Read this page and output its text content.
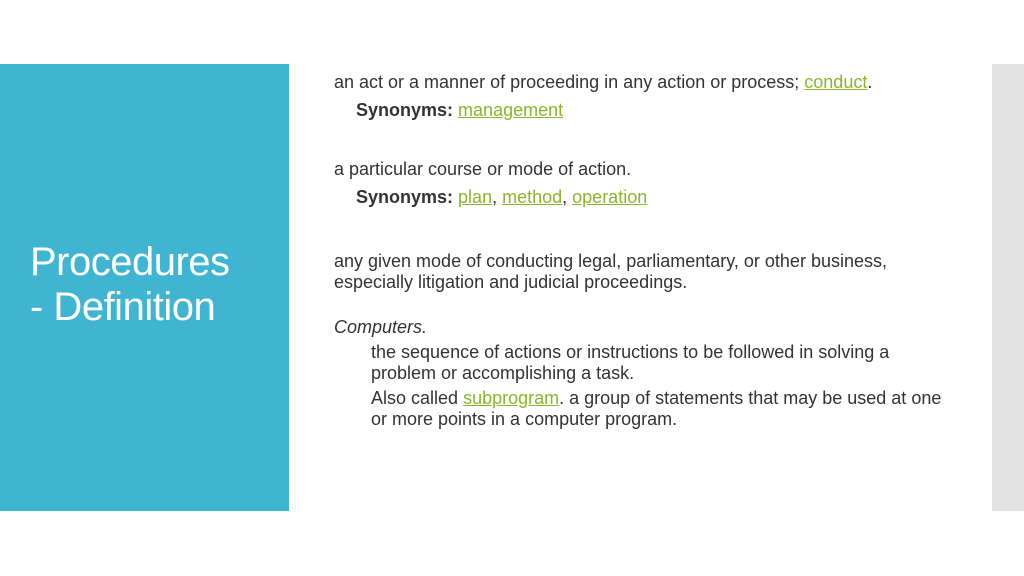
Procedures
- Definition

an act or a manner of proceeding in any action or process; conduct.

Synonyms: management

a particular course or mode of action.

Synonyms: plan, method, operation

any given mode of conducting legal, parliamentary, or other business, especially litigation and judicial proceedings.

Computers.

the sequence of actions or instructions to be followed in solving a problem or accomplishing a task.

Also called subprogram. a group of statements that may be used at one or more points in a computer program.
